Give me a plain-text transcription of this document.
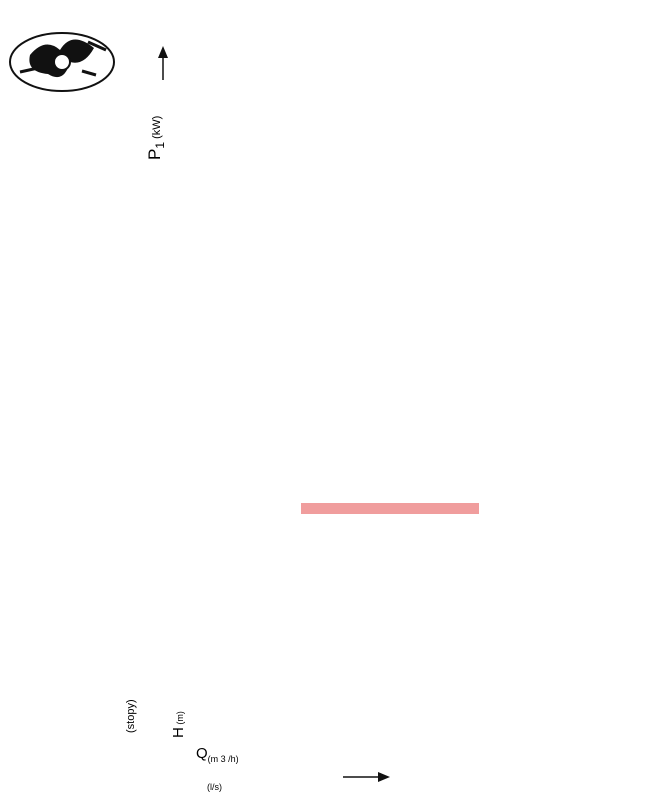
$P_1$ $^{(kW)}$
H (m)
(stopy)
$Q_{(m 3 /h)}$
(l/s)
